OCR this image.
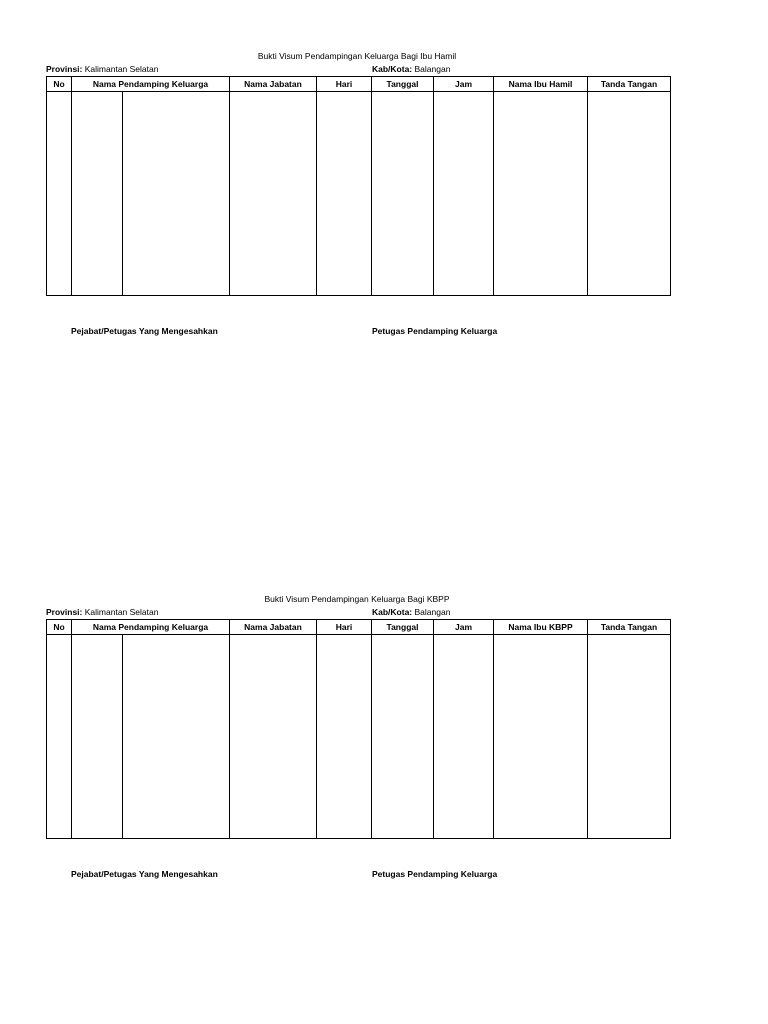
Bukti Visum Pendampingan Keluarga Bagi Ibu Hamil
Provinsi: Kalimantan Selatan	Kab/Kota: Balangan
No	Nama Pendamping Keluarga		Nama Jabatan	Hari	Tanggal	Jam	Nama Ibu Hamil	Tanda Tangan

Pejabat/Petugas Yang Mengesahkan	Petugas Pendamping Keluarga
Bukti Visum Pendampingan Keluarga Bagi KBPP
Provinsi: Kalimantan Selatan	Kab/Kota: Balangan
No	Nama Pendamping Keluarga		Nama Jabatan	Hari	Tanggal	Jam	Nama Ibu KBPP	Tanda Tangan

Pejabat/Petugas Yang Mengesahkan	Petugas Pendamping Keluarga
